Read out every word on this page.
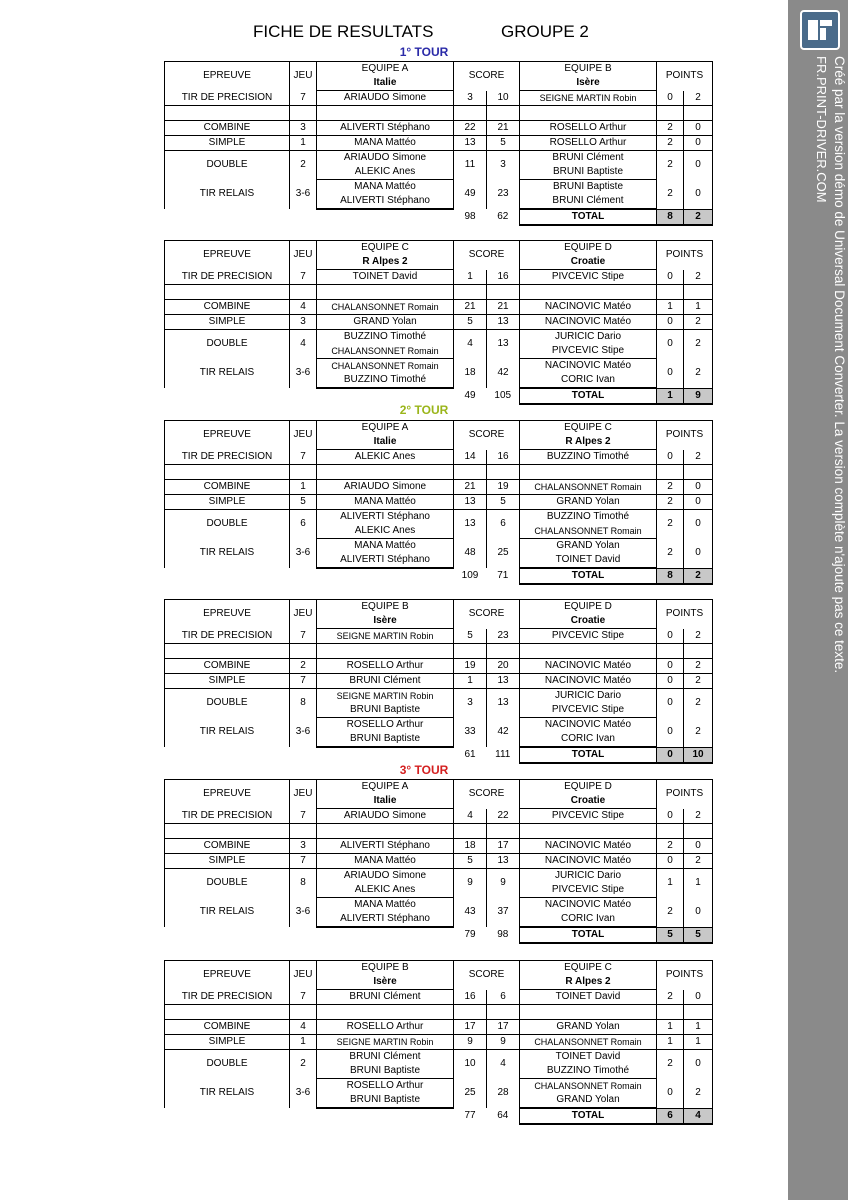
FICHE DE RESULTATS	GROUPE 2
1° TOUR
2° TOUR
3° TOUR
EPREUVE	JEU	EQUIPE A	SCORE		EQUIPE B	POINTS	
		Italie			Isère		
TIR DE PRECISION	7	ARIAUDO Simone	3	10	SEIGNE MARTIN Robin	0	2

COMBINE	3	ALIVERTI Stéphano	22	21	ROSELLO Arthur	2	0
SIMPLE	1	MANA Mattéo	13	5	ROSELLO Arthur	2	0
DOUBLE	2	ARIAUDO Simone	11	3	BRUNI Clément	2	0
		ALEKIC Anes			BRUNI Baptiste		
TIR RELAIS	3-6	MANA Mattéo	49	23	BRUNI Baptiste	2	0
		ALIVERTI Stéphano			BRUNI Clément		
			98	62	TOTAL	8	2
EPREUVE	JEU	EQUIPE C	SCORE		EQUIPE D	POINTS	
		R Alpes 2			Croatie		
TIR DE PRECISION	7	TOINET David	1	16	PIVCEVIC Stipe	0	2

COMBINE	4	CHALANSONNET Romain	21	21	NACINOVIC Matéo	1	1
SIMPLE	3	GRAND Yolan	5	13	NACINOVIC Matéo	0	2
DOUBLE	4	BUZZINO Timothé	4	13	JURICIC Dario	0	2
		CHALANSONNET Romain			PIVCEVIC Stipe		
TIR RELAIS	3-6	CHALANSONNET Romain	18	42	NACINOVIC Matéo	0	2
		BUZZINO Timothé			CORIC Ivan		
			49	105	TOTAL	1	9
EPREUVE	JEU	EQUIPE A	SCORE		EQUIPE C	POINTS	
		Italie			R Alpes 2		
TIR DE PRECISION	7	ALEKIC Anes	14	16	BUZZINO Timothé	0	2

COMBINE	1	ARIAUDO Simone	21	19	CHALANSONNET Romain	2	0
SIMPLE	5	MANA Mattéo	13	5	GRAND Yolan	2	0
DOUBLE	6	ALIVERTI Stéphano	13	6	BUZZINO Timothé	2	0
		ALEKIC Anes			CHALANSONNET Romain		
TIR RELAIS	3-6	MANA Mattéo	48	25	GRAND Yolan	2	0
		ALIVERTI Stéphano			TOINET David		
			109	71	TOTAL	8	2
EPREUVE	JEU	EQUIPE B	SCORE		EQUIPE D	POINTS	
		Isère			Croatie		
TIR DE PRECISION	7	SEIGNE MARTIN Robin	5	23	PIVCEVIC Stipe	0	2

COMBINE	2	ROSELLO Arthur	19	20	NACINOVIC Matéo	0	2
SIMPLE	7	BRUNI Clément	1	13	NACINOVIC Matéo	0	2
DOUBLE	8	SEIGNE MARTIN Robin	3	13	JURICIC Dario	0	2
		BRUNI Baptiste			PIVCEVIC Stipe		
TIR RELAIS	3-6	ROSELLO Arthur	33	42	NACINOVIC Matéo	0	2
		BRUNI Baptiste			CORIC Ivan		
			61	111	TOTAL	0	10
EPREUVE	JEU	EQUIPE A	SCORE		EQUIPE D	POINTS	
		Italie			Croatie		
TIR DE PRECISION	7	ARIAUDO Simone	4	22	PIVCEVIC Stipe	0	2

COMBINE	3	ALIVERTI Stéphano	18	17	NACINOVIC Matéo	2	0
SIMPLE	7	MANA Mattéo	5	13	NACINOVIC Matéo	0	2
DOUBLE	8	ARIAUDO Simone	9	9	JURICIC Dario	1	1
		ALEKIC Anes			PIVCEVIC Stipe		
TIR RELAIS	3-6	MANA Mattéo	43	37	NACINOVIC Matéo	2	0
		ALIVERTI Stéphano			CORIC Ivan		
			79	98	TOTAL	5	5
EPREUVE	JEU	EQUIPE B	SCORE		EQUIPE C	POINTS	
		Isère			R Alpes 2		
TIR DE PRECISION	7	BRUNI Clément	16	6	TOINET David	2	0

COMBINE	4	ROSELLO Arthur	17	17	GRAND Yolan	1	1
SIMPLE	1	SEIGNE MARTIN Robin	9	9	CHALANSONNET Romain	1	1
DOUBLE	2	BRUNI Clément	10	4	TOINET David	2	0
		BRUNI Baptiste			BUZZINO Timothé		
TIR RELAIS	3-6	ROSELLO Arthur	25	28	CHALANSONNET Romain	0	2
		BRUNI Baptiste			GRAND Yolan		
			77	64	TOTAL	6	4
Créé par la version démo de Universal Document Converter. La version complète n'ajoute pas ce texte.
FR.PRINT-DRIVER.COM
